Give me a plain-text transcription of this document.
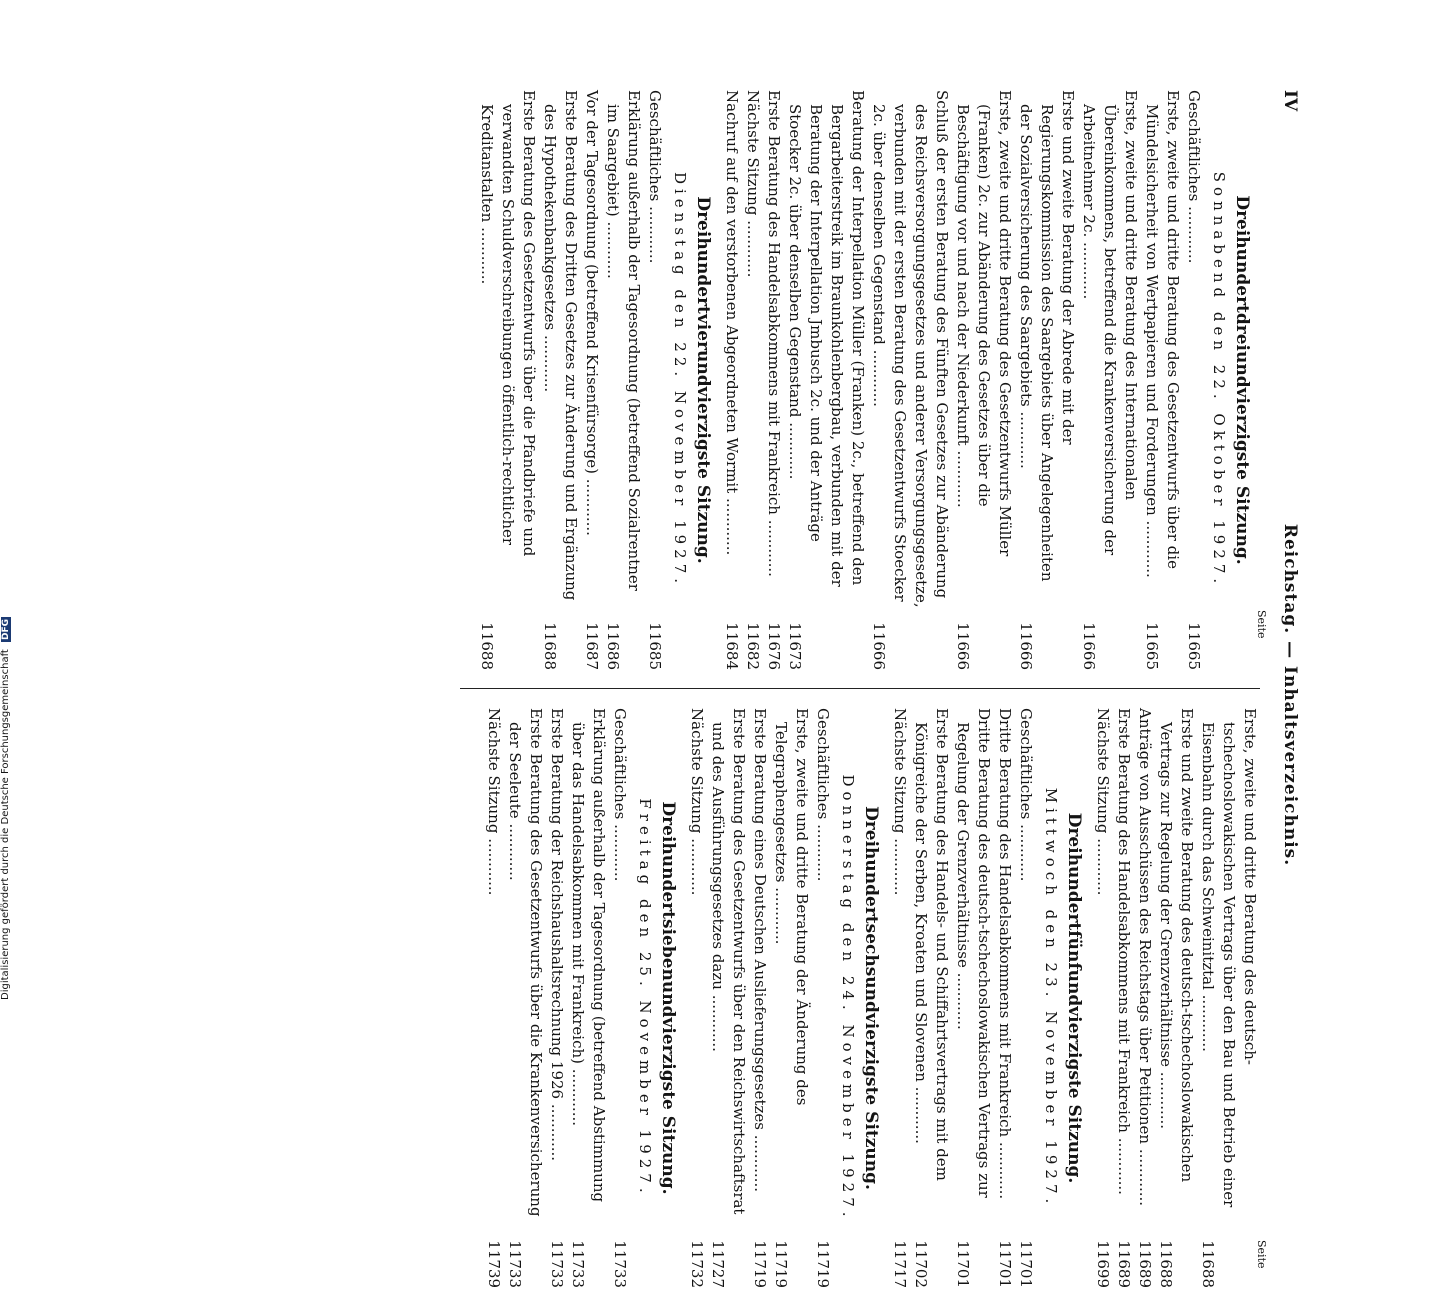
IV
Reichstag. — Inhaltsverzeichnis.
Seite
Seite
Dreihundertdreiundvierzigste Sitzung.
Sonnabend den 22. Oktober 1927.
Geschäftliches ............
11665
Erste, zweite und dritte Beratung des Gesetzentwurfs über die Mündelsicherheit von Wertpapieren und Forderungen ............
11665
Erste, zweite und dritte Beratung des Internationalen Übereinkommens, betreffend die Krankenversicherung der Arbeitnehmer 2c. ............
11666
Erste und zweite Beratung der Abrede mit der Regierungskommission des Saargebiets über Angelegenheiten der Sozialversicherung des Saargebiets ............
11666
Erste, zweite und dritte Beratung des Gesetzentwurfs Müller (Franken) 2c. zur Abänderung des Gesetzes über die Beschäftigung vor und nach der Niederkunft ............
11666
Schluß der ersten Beratung des Fünften Gesetzes zur Abänderung des Reichsversorgungsgesetzes und anderer Versorgungsgesetze, verbunden mit der ersten Beratung des Gesetzentwurfs Stoecker 2c. über denselben Gegenstand ............
11666
Beratung der Interpellation Müller (Franken) 2c., betreffend den Bergarbeiterstreik im Braunkohlenbergbau, verbunden mit der Beratung der Interpellation Jmbusch 2c. und der Anträge Stoecker 2c. über denselben Gegenstand ............
11673
Erste Beratung des Handelsabkommens mit Frankreich ............
11676
Nächste Sitzung ............
11682
Nachruf auf den verstorbenen Abgeordneten Wormit ............
11684
Dreihundertvierundvierzigste Sitzung.
Dienstag den 22. November 1927.
Geschäftliches ............
11685
Erklärung außerhalb der Tagesordnung (betreffend Sozialrentner im Saargebiet) ............
11686
Vor der Tagesordnung (betreffend Krisenfürsorge) ............
11687
Erste Beratung des Dritten Gesetzes zur Änderung und Ergänzung des Hypothekenbankgesetzes ............
11688
Erste Beratung des Gesetzentwurfs über die Pfandbriefe und verwandten Schuldverschreibungen öffentlich-rechtlicher Kreditanstalten ............
11688
Erste, zweite und dritte Beratung des deutsch-tschechoslowakischen Vertrags über den Bau und Betrieb einer Eisenbahn durch das Schweinitztal ............
11688
Erste und zweite Beratung des deutsch-tschechoslowakischen Vertrags zur Regelung der Grenzverhältnisse ............
11688
Anträge von Ausschüssen des Reichstags über Petitionen ............
11689
Erste Beratung des Handelsabkommens mit Frankreich ............
11689
Nächste Sitzung ............
11699
Dreihundertfünfundvierzigste Sitzung.
Mittwoch den 23. November 1927.
Geschäftliches ............
11701
Dritte Beratung des Handelsabkommens mit Frankreich ............
11701
Dritte Beratung des deutsch-tschechoslowakischen Vertrags zur Regelung der Grenzverhältnisse ............
11701
Erste Beratung des Handels- und Schiffahrtsvertrags mit dem Königreiche der Serben, Kroaten und Slovenen ............
11702
Nächste Sitzung ............
11717
Dreihundertsechsundvierzigste Sitzung.
Donnerstag den 24. November 1927.
Geschäftliches ............
11719
Erste, zweite und dritte Beratung der Änderung des Telegraphengesetzes ............
11719
Erste Beratung eines Deutschen Auslieferungsgesetzes ............
11719
Erste Beratung des Gesetzentwurfs über den Reichswirtschaftsrat und des Ausführungsgesetzes dazu ............
11727
Nächste Sitzung ............
11732
Dreihundertsiebenundvierzigste Sitzung.
Freitag den 25. November 1927.
Geschäftliches ............
11733
Erklärung außerhalb der Tagesordnung (betreffend Abstimmung über das Handelsabkommen mit Frankreich) ............
11733
Erste Beratung der Reichshaushaltsrechnung 1926 ............
11733
Erste Beratung des Gesetzentwurfs über die Krankenversicherung der Seeleute ............
11733
Nächste Sitzung ............
11739
Digitalisierung gefördert durch die Deutsche Forschungsgemeinschaft DFG
